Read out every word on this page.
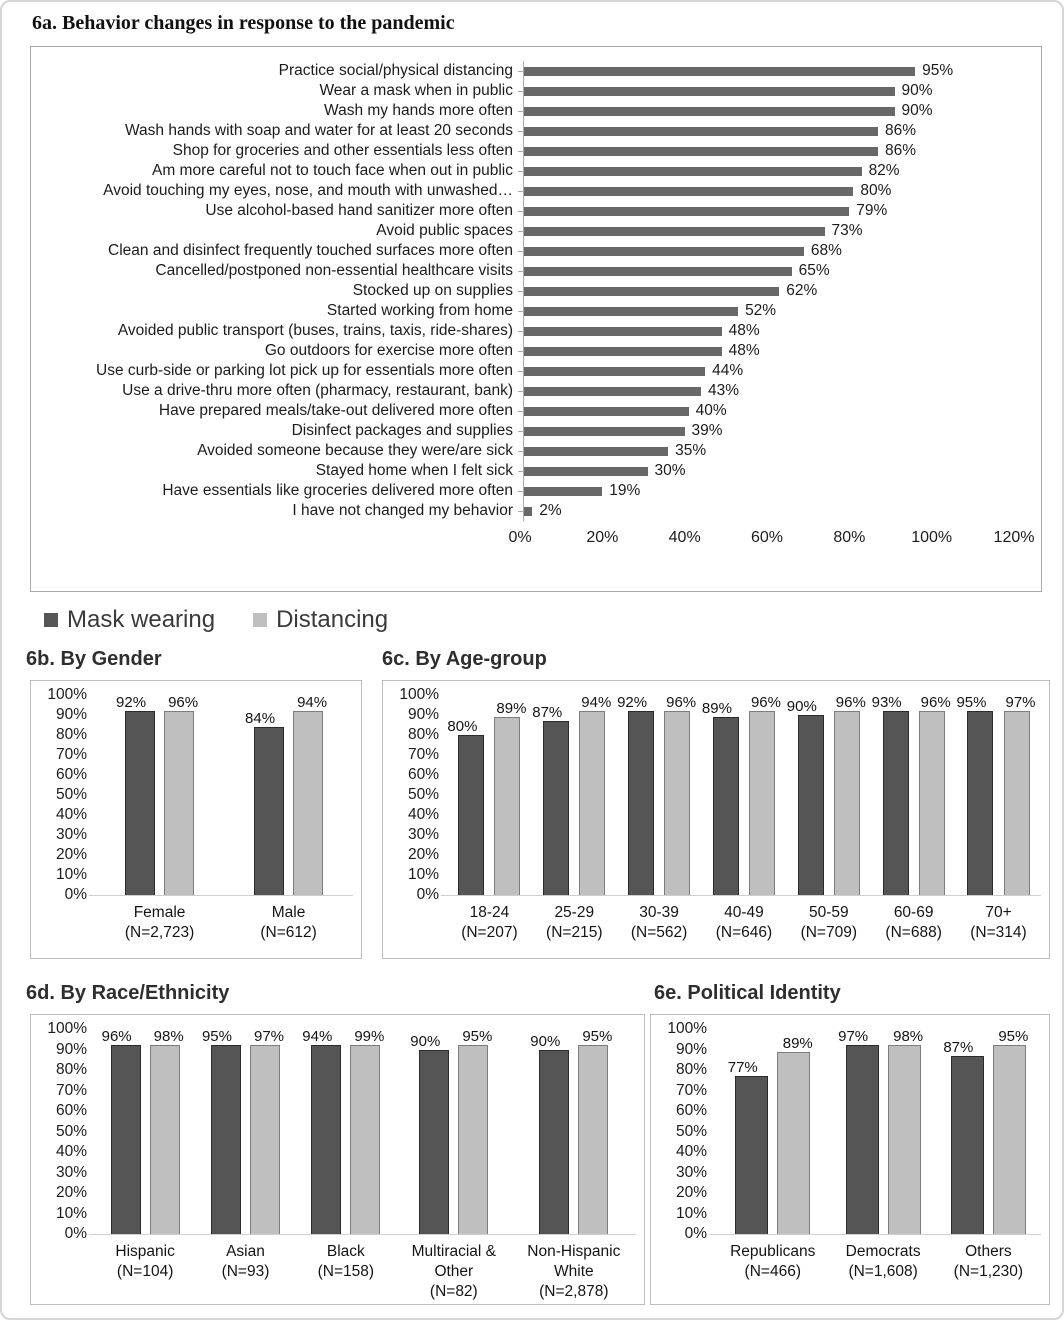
6a. Behavior changes in response to the pandemic
Practice social/physical distancing	95%
Wear a mask when in public	90%
Wash my hands more often	90%
Wash hands with soap and water for at least 20 seconds	86%
Shop for groceries and other essentials less often	86%
Am more careful not to touch face when out in public	82%
Avoid touching my eyes, nose, and mouth with unwashed…	80%
Use alcohol-based hand sanitizer more often	79%
Avoid public spaces	73%
Clean and disinfect frequently touched surfaces more often	68%
Cancelled/postponed non-essential healthcare visits	65%
Stocked up on supplies	62%
Started working from home	52%
Avoided public transport (buses, trains, taxis, ride-shares)	48%
Go outdoors for exercise more often	48%
Use curb-side or parking lot pick up for essentials more often	44%
Use a drive-thru more often (pharmacy, restaurant, bank)	43%
Have prepared meals/take-out delivered more often	40%
Disinfect packages and supplies	39%
Avoided someone because they were/are sick	35%
Stayed home when I felt sick	30%
Have essentials like groceries delivered more often	19%
I have not changed my behavior	2%
0%	20%	40%	60%	80%	100%	120%
Mask wearing	Distancing
6b. By Gender
100%
90%
80%
70%
60%
50%
40%
30%
20%
10%
0%
92% 96%
Female
(N=2,723)
84%
94%
Male
(N=612)
6c. By Age-group
100%
90%
80%
70%
60%
50%
40%
30%
20%
10%
0%
80%
89%
18-24
(N=207)
87%
94%
25-29
(N=215)
92% 96%
30-39
(N=562)
89% 96%
40-49
(N=646)
90% 96%
50-59
(N=709)
93% 96%
60-69
(N=688)
95% 97%
70+
(N=314)
6d. By Race/Ethnicity
100%
90%
80%
70%
60%
50%
40%
30%
20%
10%
0%
96% 98%
Hispanic
(N=104)
95% 97%
Asian
(N=93)
94% 99%
Black
(N=158)
90% 95%
Multiracial &
Other
(N=82)
90% 95%
Non-Hispanic
White
(N=2,878)
6e. Political Identity
100%
90%
80%
70%
60%
50%
40%
30%
20%
10%
0%
77%
89%
Republicans
(N=466)
97% 98%
Democrats
(N=1,608)
87%
95%
Others
(N=1,230)
